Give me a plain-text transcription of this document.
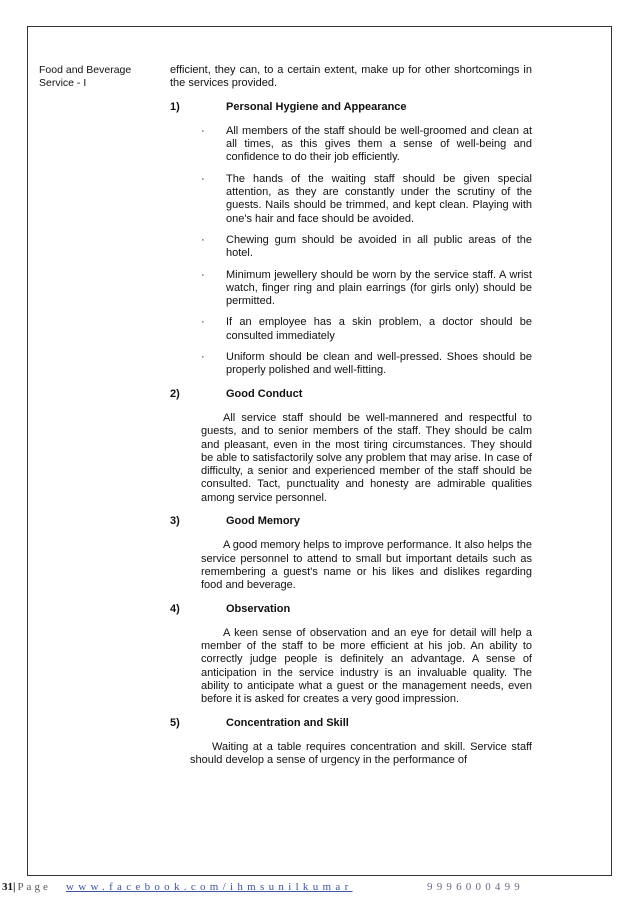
Food and Beverage
Service - I

efficient, they can, to a certain extent, make up for other shortcomings in the services provided.

1)	Personal Hygiene and Appearance
·	All members of the staff should be well-groomed and clean at all times, as this gives them a sense of well-being and confidence to do their job efficiently.
·	The hands of the waiting staff should be given special attention, as they are constantly under the scrutiny of the guests. Nails should be trimmed, and kept clean. Playing with one's hair and face should be avoided.
·	Chewing gum should be avoided in all public areas of the hotel.
·	Minimum jewellery should be worn by the service staff. A wrist watch, finger ring and plain earrings (for girls only) should be permitted.
·	If an employee has a skin problem, a doctor should be consulted immediately
·	Uniform should be clean and well-pressed. Shoes should be properly polished and well-fitting.
2)	Good Conduct

All service staff should be well-mannered and respectful to guests, and to senior members of the staff. They should be calm and pleasant, even in the most tiring circumstances. They should be able to satisfactorily solve any problem that may arise. In case of difficulty, a senior and experienced member of the staff should be consulted. Tact, punctuality and honesty are admirable qualities among service personnel.

3)	Good Memory

A good memory helps to improve performance. It also helps the service personnel to attend to small but important details such as remembering a guest's name or his likes and dislikes regarding food and beverage.

4)	Observation

A keen sense of observation and an eye for detail will help a member of the staff to be more efficient at his job. An ability to correctly judge people is definitely an advantage. A sense of anticipation in the service industry is an invaluable quality. The ability to anticipate what a guest or the management needs, even before it is asked for creates a very good impression.

5)	Concentration and Skill

Waiting at a table requires concentration and skill. Service staff should develop a sense of urgency in the performance of

31| Page www.facebook.com/ihmsunilkumar	9996000499
